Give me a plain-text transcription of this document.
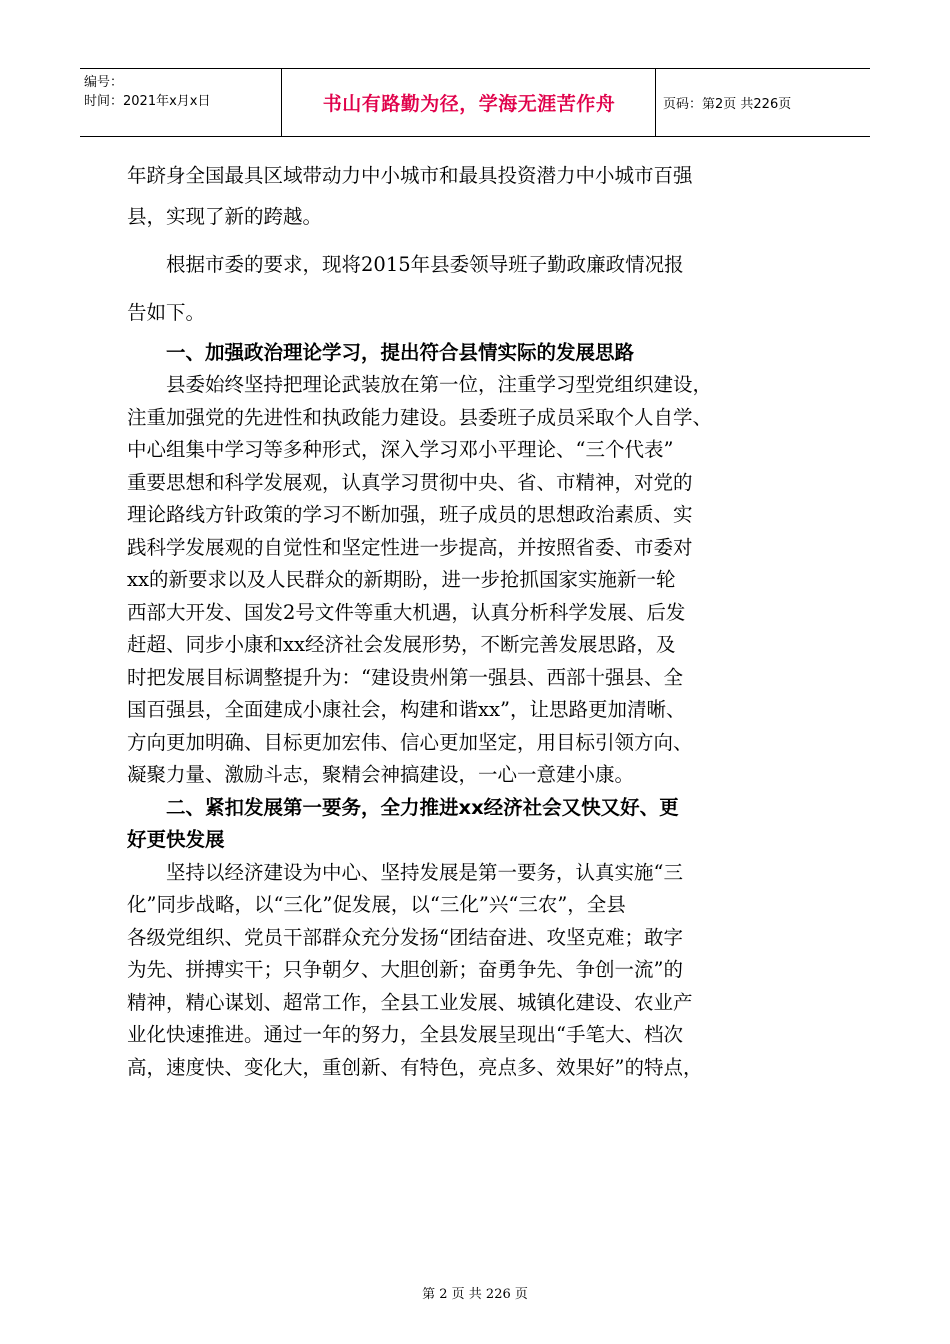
编号：
时间：2021年x月x日	书山有路勤为径，学海无涯苦作舟	页码：第2页 共226页
年跻身全国最具区域带动力中小城市和最具投资潜力中小城市百强
县，实现了新的跨越。
　　根据市委的要求，现将2015年县委领导班子勤政廉政情况报
告如下。
　　一、加强政治理论学习，提出符合县情实际的发展思路
　　县委始终坚持把理论武装放在第一位，注重学习型党组织建设，
注重加强党的先进性和执政能力建设。县委班子成员采取个人自学、
中心组集中学习等多种形式，深入学习邓小平理论、“三个代表”
重要思想和科学发展观，认真学习贯彻中央、省、市精神，对党的
理论路线方针政策的学习不断加强，班子成员的思想政治素质、实
践科学发展观的自觉性和坚定性进一步提高，并按照省委、市委对
xx的新要求以及人民群众的新期盼，进一步抢抓国家实施新一轮
西部大开发、国发2号文件等重大机遇，认真分析科学发展、后发
赶超、同步小康和xx经济社会发展形势，不断完善发展思路，及
时把发展目标调整提升为：“建设贵州第一强县、西部十强县、全
国百强县，全面建成小康社会，构建和谐xx”，让思路更加清晰、
方向更加明确、目标更加宏伟、信心更加坚定，用目标引领方向、
凝聚力量、激励斗志，聚精会神搞建设，一心一意建小康。
　　二、紧扣发展第一要务，全力推进xx经济社会又快又好、更
好更快发展
　　坚持以经济建设为中心、坚持发展是第一要务，认真实施“三
化”同步战略，以“三化”促发展，以“三化”兴“三农”，全县
各级党组织、党员干部群众充分发扬“团结奋进、攻坚克难；敢字
为先、拼搏实干；只争朝夕、大胆创新；奋勇争先、争创一流”的
精神，精心谋划、超常工作，全县工业发展、城镇化建设、农业产
业化快速推进。通过一年的努力，全县发展呈现出“手笔大、档次
高，速度快、变化大，重创新、有特色，亮点多、效果好”的特点，
第 2 页 共 226 页
